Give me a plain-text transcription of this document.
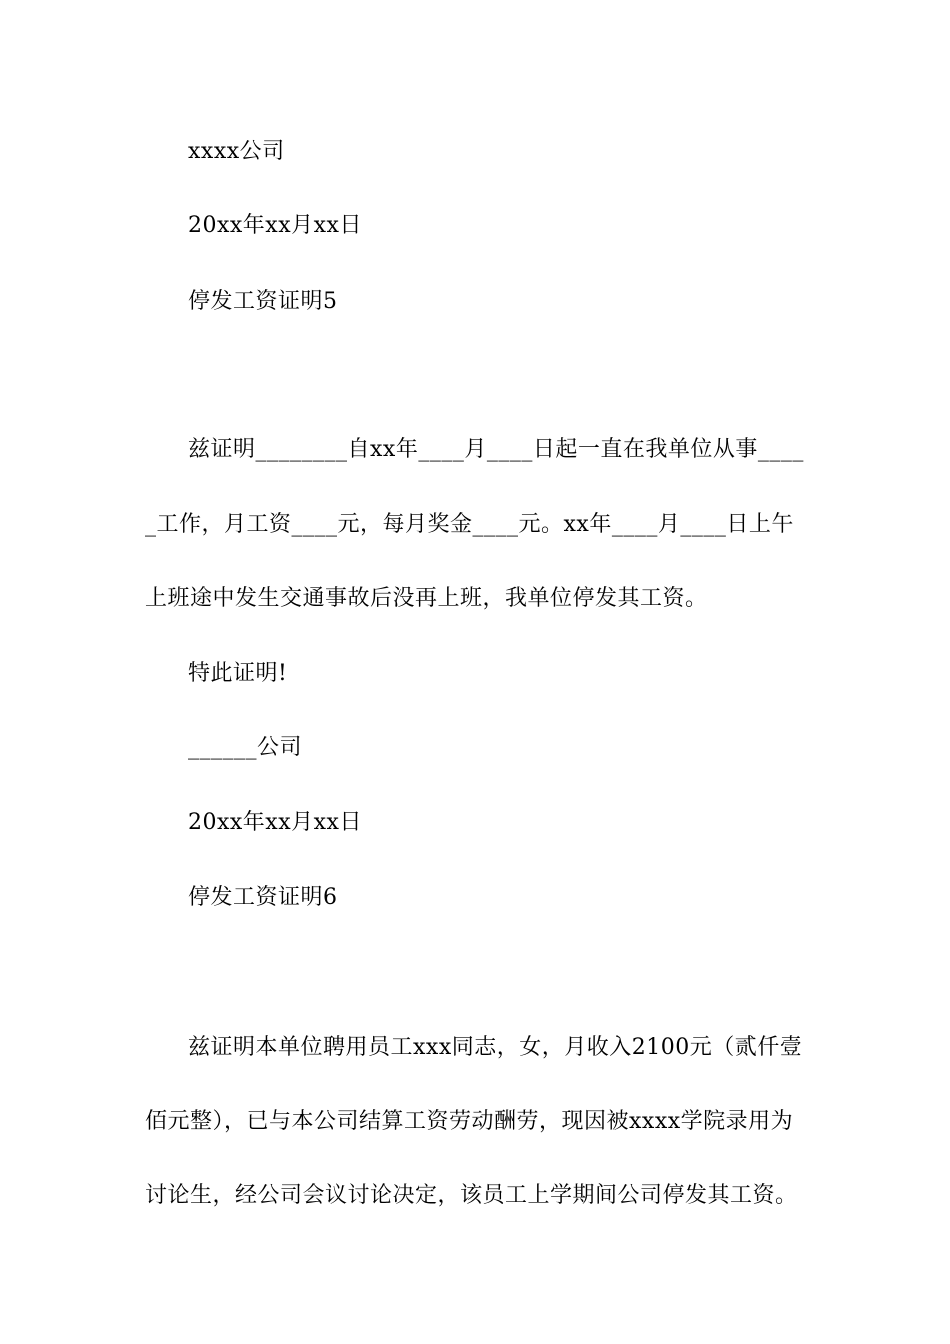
xxxx公司
20xx年xx月xx日
停发工资证明5
兹证明________自xx年____月____日起一直在我单位从事____
_工作，月工资____元，每月奖金____元。xx年____月____日上午
上班途中发生交通事故后没再上班，我单位停发其工资。
特此证明!
______公司
20xx年xx月xx日
停发工资证明6
兹证明本单位聘用员工xxx同志，女，月收入2100元（贰仟壹
佰元整），已与本公司结算工资劳动酬劳，现因被xxxx学院录用为
讨论生，经公司会议讨论决定，该员工上学期间公司停发其工资。
